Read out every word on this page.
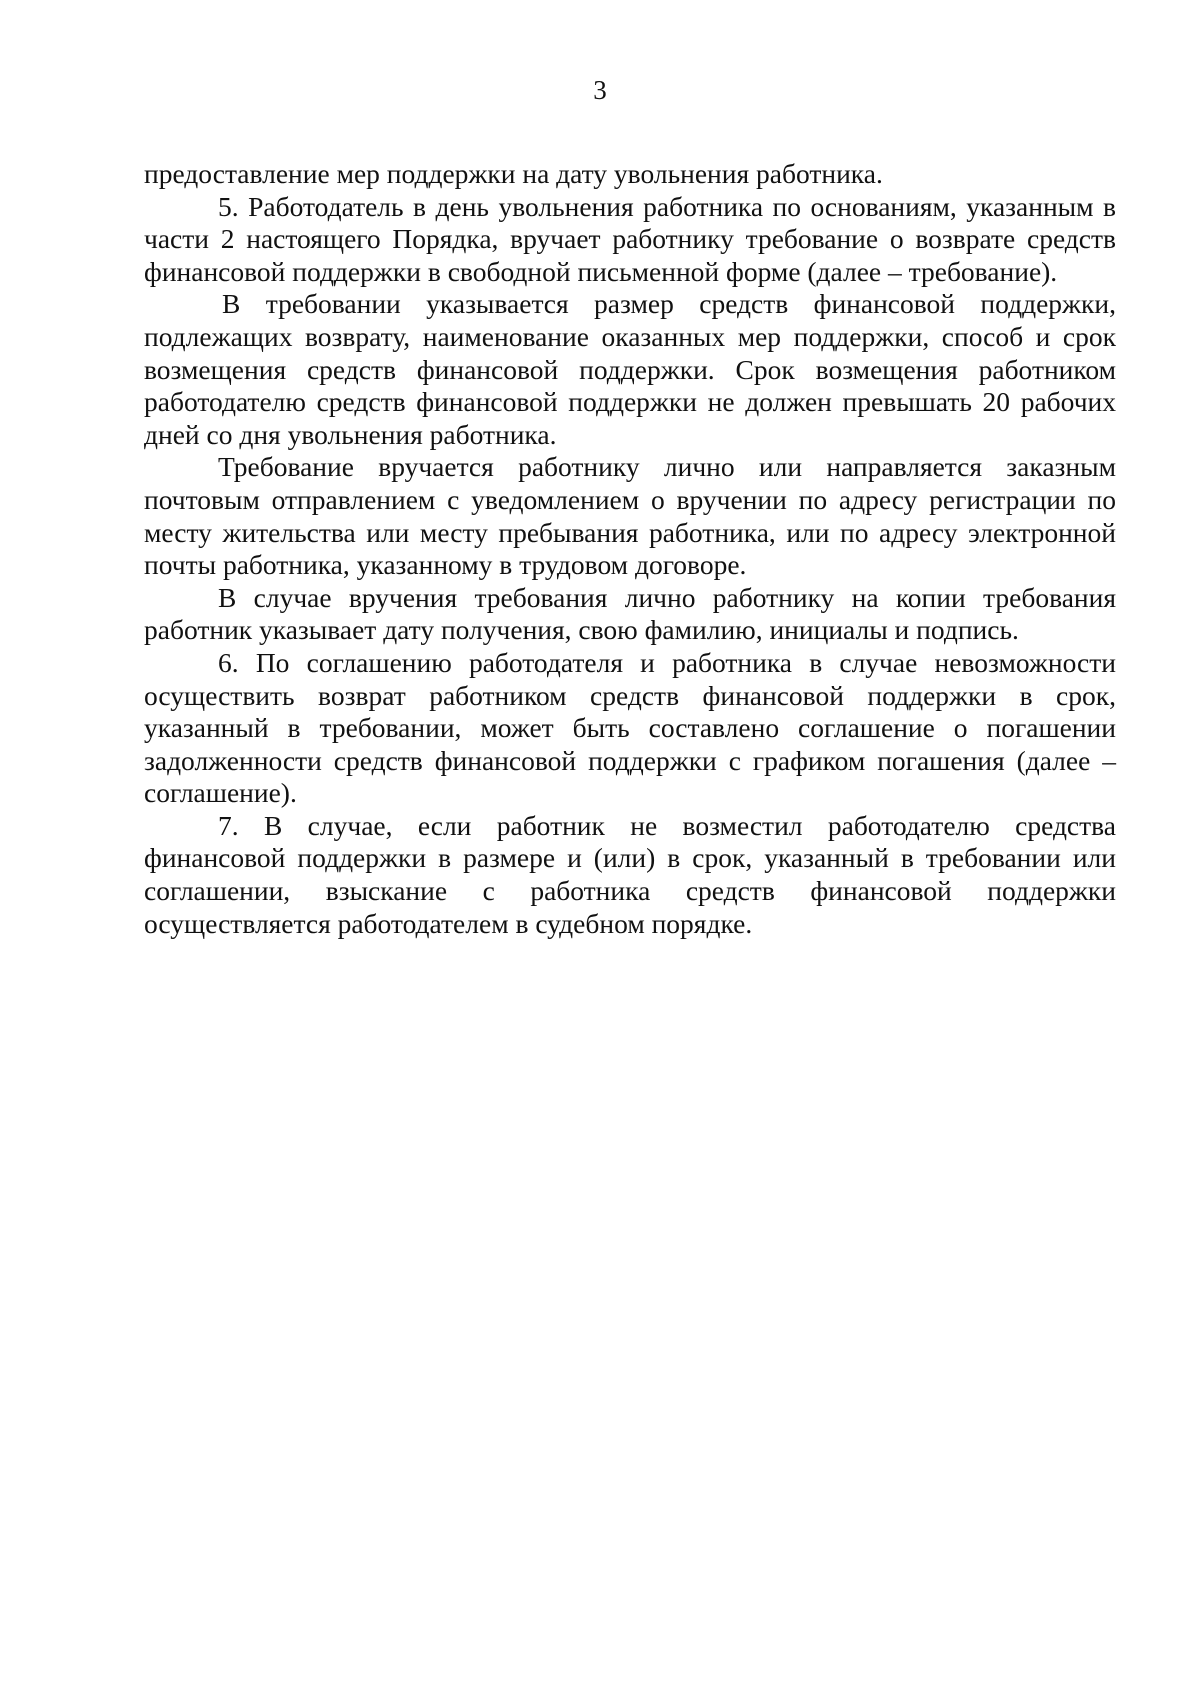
3

предоставление мер поддержки на дату увольнения работника.

5. Работодатель в день увольнения работника по основаниям, указанным в части 2 настоящего Порядка, вручает работнику требование о возврате средств финансовой поддержки в свободной письменной форме (далее – требование).

В требовании указывается размер средств финансовой поддержки, подлежащих возврату, наименование оказанных мер поддержки, способ и срок возмещения средств финансовой поддержки. Срок возмещения работником работодателю средств финансовой поддержки не должен превышать 20 рабочих дней со дня увольнения работника.

Требование вручается работнику лично или направляется заказным почтовым отправлением с уведомлением о вручении по адресу регистрации по месту жительства или месту пребывания работника, или по адресу электронной почты работника, указанному в трудовом договоре.

В случае вручения требования лично работнику на копии требования работник указывает дату получения, свою фамилию, инициалы и подпись.

6. По соглашению работодателя и работника в случае невозможности осуществить возврат работником средств финансовой поддержки в срок, указанный в требовании, может быть составлено соглашение о погашении задолженности средств финансовой поддержки с графиком погашения (далее – соглашение).

7. В случае, если работник не возместил работодателю средства финансовой поддержки в размере и (или) в срок, указанный в требовании или соглашении, взыскание с работника средств финансовой поддержки осуществляется работодателем в судебном порядке.
